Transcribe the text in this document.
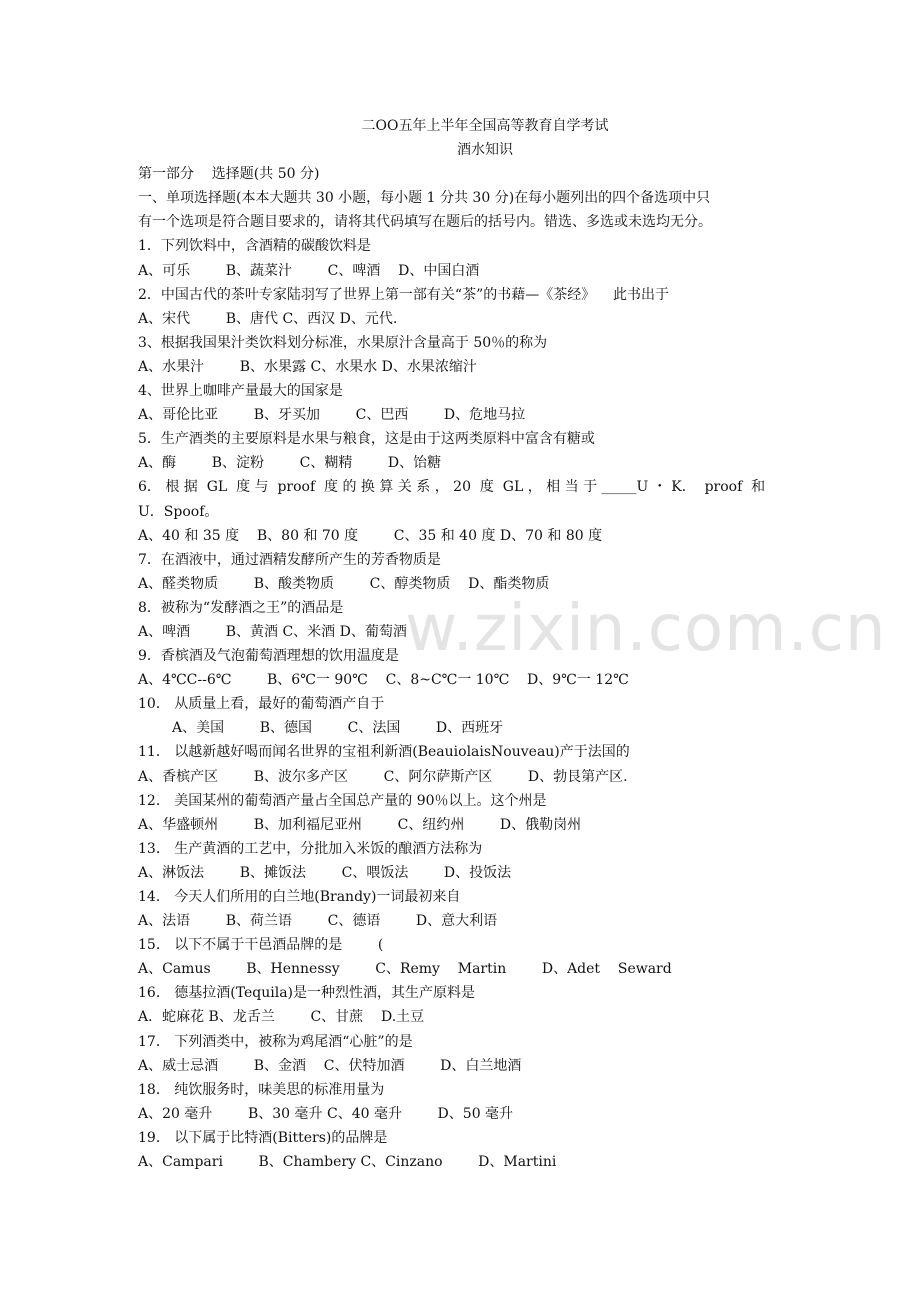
w.zixin.com.cn
二OO五年上半年全国高等教育自学考试
酒水知识
第一部分    选择题(共 50 分)
一、单项选择题(本本大题共 30 小题，每小题 1 分共 30 分)在每小题列出的四个备选项中只
有一个选项是符合题目要求的，请将其代码填写在题后的括号内。错选、多选或未选均无分。
1．下列饮料中，含酒精的碳酸饮料是
A、可乐        B、蔬菜汁        C、啤酒    D、中国白酒
2．中国古代的茶叶专家陆羽写了世界上第一部有关“茶”的书藉—《茶经》    此书出于
A、宋代        B、唐代 C、西汉 D、元代.
3、根据我国果汁类饮料划分标准，水果原汁含量高于 50％的称为
A、水果汁        B、水果露 C、水果水 D、水果浓缩汁
4、世界上咖啡产量最大的国家是
A、哥伦比亚        B、牙买加        C、巴西        D、危地马拉
5．生产酒类的主要原料是水果与粮食，这是由于这两类原料中富含有糖或
A、酶        B、淀粉        C、糊精        D、饴糖
6． 根 据  GL  度 与  proof  度 的 换 算 关 系 ， 20  度  GL ， 相 当 于 _____U ・ K．  proof  和
U．Spoof。
A、40 和 35 度    B、80 和 70 度        C、35 和 40 度 D、70 和 80 度
7．在酒液中，通过酒精发酵所产生的芳香物质是
A、醛类物质        B、酸类物质        C、醇类物质    D、酯类物质
8．被称为“发酵酒之王”的酒品是
A、啤酒        B、黄酒 C、米酒 D、葡萄酒
9．香槟酒及气泡葡萄酒理想的饮用温度是
A、4℃C--6℃        B、6℃一 90℃    C、8~C℃一 10℃    D、9℃一 12℃
10． 从质量上看，最好的葡萄酒产自于
A、美国        B、德国        C、法国        D、西班牙
11． 以越新越好喝而闻名世界的宝祖利新酒(BeauiolaisNouveau)产于法国的
A、香槟产区        B、波尔多产区        C、阿尔萨斯产区        D、勃艮第产区.
12． 美国某州的葡萄酒产量占全国总产量的 90％以上。这个州是
A、华盛顿州        B、加利福尼亚州        C、纽约州        D、俄勒岗州
13． 生产黄酒的工艺中，分批加入米饭的酿酒方法称为
A、淋饭法        B、摊饭法        C、喂饭法        D、投饭法
14． 今天人们所用的白兰地(Brandy)一词最初来自
A、法语        B、荷兰语        C、德语        D、意大利语
15． 以下不属于干邑酒品牌的是        (
A、Camus        B、Hennessy        C、Remy    Martin        D、Adet    Seward
16． 德基拉酒(Tequila)是一种烈性酒，其生产原料是
A．蛇麻花 B、龙舌兰        C、甘蔗    D.土豆
17． 下列酒类中，被称为鸡尾酒“心脏”的是
A、威士忌酒        B、金酒    C、伏特加酒        D、白兰地酒
18． 纯饮服务时，味美思的标准用量为
A、20 毫升        B、30 毫升 C、40 毫升        D、50 毫升
19． 以下属于比特酒(Bitters)的品牌是
A、Campari        B、Chambery C、Cinzano        D、Martini
